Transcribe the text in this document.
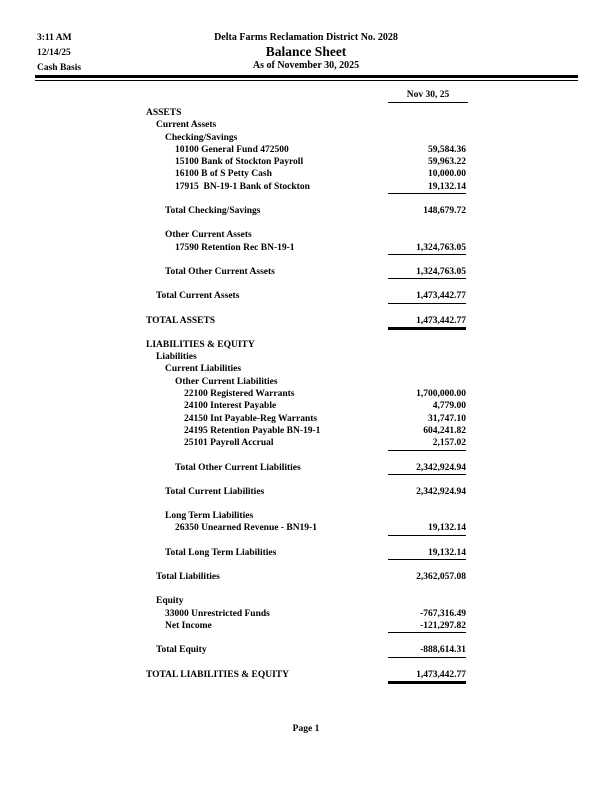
3:11 AM
12/14/25
Cash Basis
Delta Farms Reclamation District No. 2028
Balance Sheet
As of November 30, 2025
Nov 30, 25
ASSETS
Current Assets
Checking/Savings
10100 General Fund 472500	59,584.36
15100 Bank of Stockton Payroll	59,963.22
16100 B of S Petty Cash	10,000.00
17915  BN-19-1 Bank of Stockton	19,132.14
Total Checking/Savings	148,679.72
Other Current Assets
17590 Retention Rec BN-19-1	1,324,763.05
Total Other Current Assets	1,324,763.05
Total Current Assets	1,473,442.77
TOTAL ASSETS	1,473,442.77
LIABILITIES & EQUITY
Liabilities
Current Liabilities
Other Current Liabilities
22100 Registered Warrants	1,700,000.00
24100 Interest Payable	4,779.00
24150 Int Payable-Reg Warrants	31,747.10
24195 Retention Payable BN-19-1	604,241.82
25101 Payroll Accrual	2,157.02
Total Other Current Liabilities	2,342,924.94
Total Current Liabilities	2,342,924.94
Long Term Liabilities
26350 Unearned Revenue - BN19-1	19,132.14
Total Long Term Liabilities	19,132.14
Total Liabilities	2,362,057.08
Equity
33000 Unrestricted Funds	-767,316.49
Net Income	-121,297.82
Total Equity	-888,614.31
TOTAL LIABILITIES & EQUITY	1,473,442.77
Page 1
